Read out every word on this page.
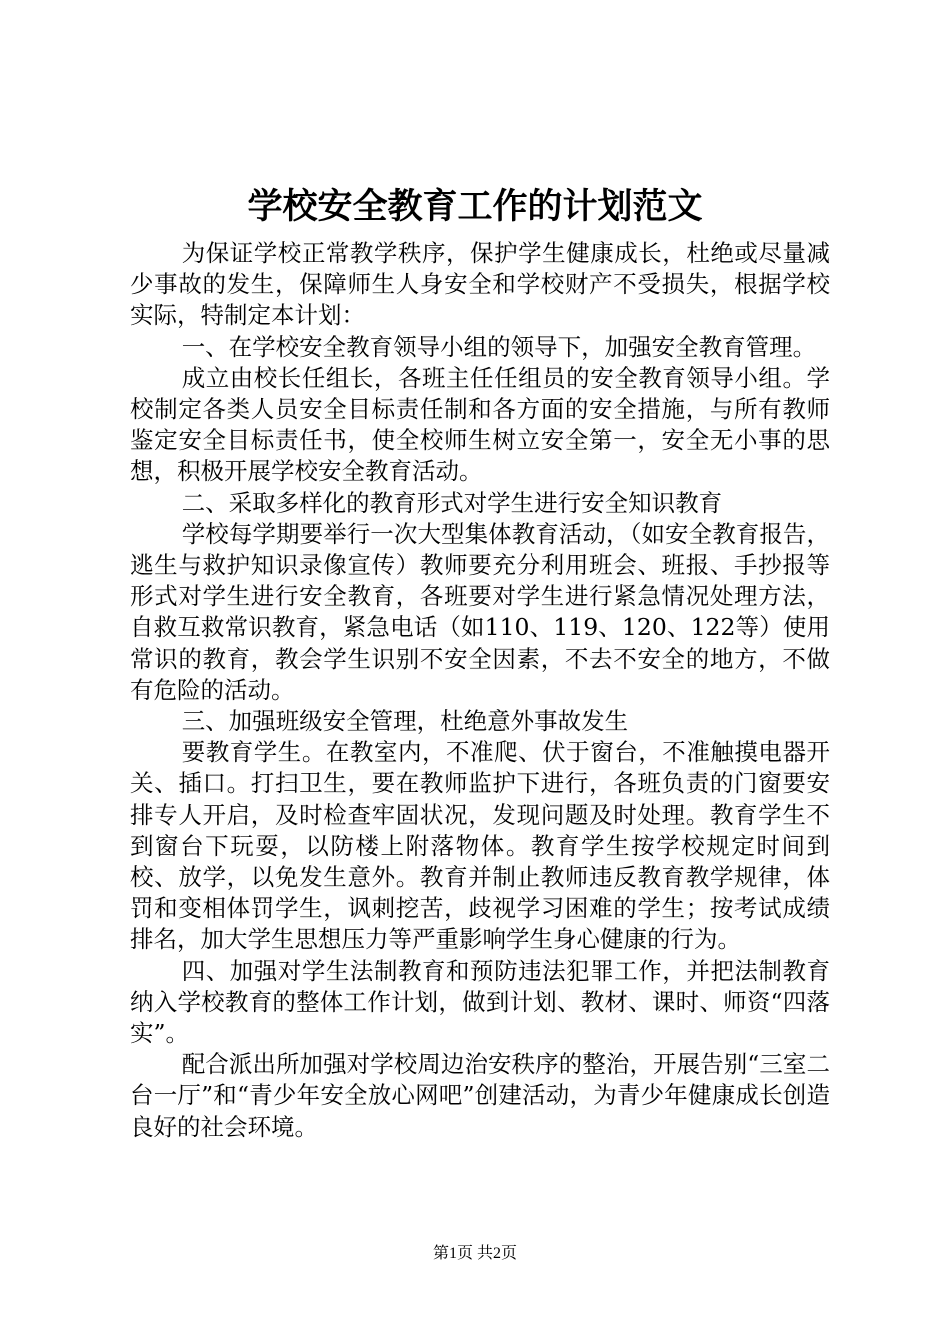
学校安全教育工作的计划范文

为保证学校正常教学秩序，保护学生健康成长，杜绝或尽量减少事故的发生，保障师生人身安全和学校财产不受损失，根据学校实际，特制定本计划：

一、在学校安全教育领导小组的领导下，加强安全教育管理。

成立由校长任组长，各班主任任组员的安全教育领导小组。学校制定各类人员安全目标责任制和各方面的安全措施，与所有教师鉴定安全目标责任书，使全校师生树立安全第一，安全无小事的思想，积极开展学校安全教育活动。

二、采取多样化的教育形式对学生进行安全知识教育

学校每学期要举行一次大型集体教育活动，（如安全教育报告，逃生与救护知识录像宣传）教师要充分利用班会、班报、手抄报等形式对学生进行安全教育，各班要对学生进行紧急情况处理方法，自救互救常识教育，紧急电话（如110、119、120、122等）使用常识的教育，教会学生识别不安全因素，不去不安全的地方，不做有危险的活动。

三、加强班级安全管理，杜绝意外事故发生

要教育学生。在教室内，不准爬、伏于窗台，不准触摸电器开关、插口。打扫卫生，要在教师监护下进行，各班负责的门窗要安排专人开启，及时检查牢固状况，发现问题及时处理。教育学生不到窗台下玩耍，以防楼上附落物体。教育学生按学校规定时间到校、放学，以免发生意外。教育并制止教师违反教育教学规律，体罚和变相体罚学生，讽刺挖苦，歧视学习困难的学生；按考试成绩排名，加大学生思想压力等严重影响学生身心健康的行为。

四、加强对学生法制教育和预防违法犯罪工作，并把法制教育纳入学校教育的整体工作计划，做到计划、教材、课时、师资“四落实”。

配合派出所加强对学校周边治安秩序的整治，开展告别“三室二台一厅”和“青少年安全放心网吧”创建活动，为青少年健康成长创造良好的社会环境。

第1页 共2页
